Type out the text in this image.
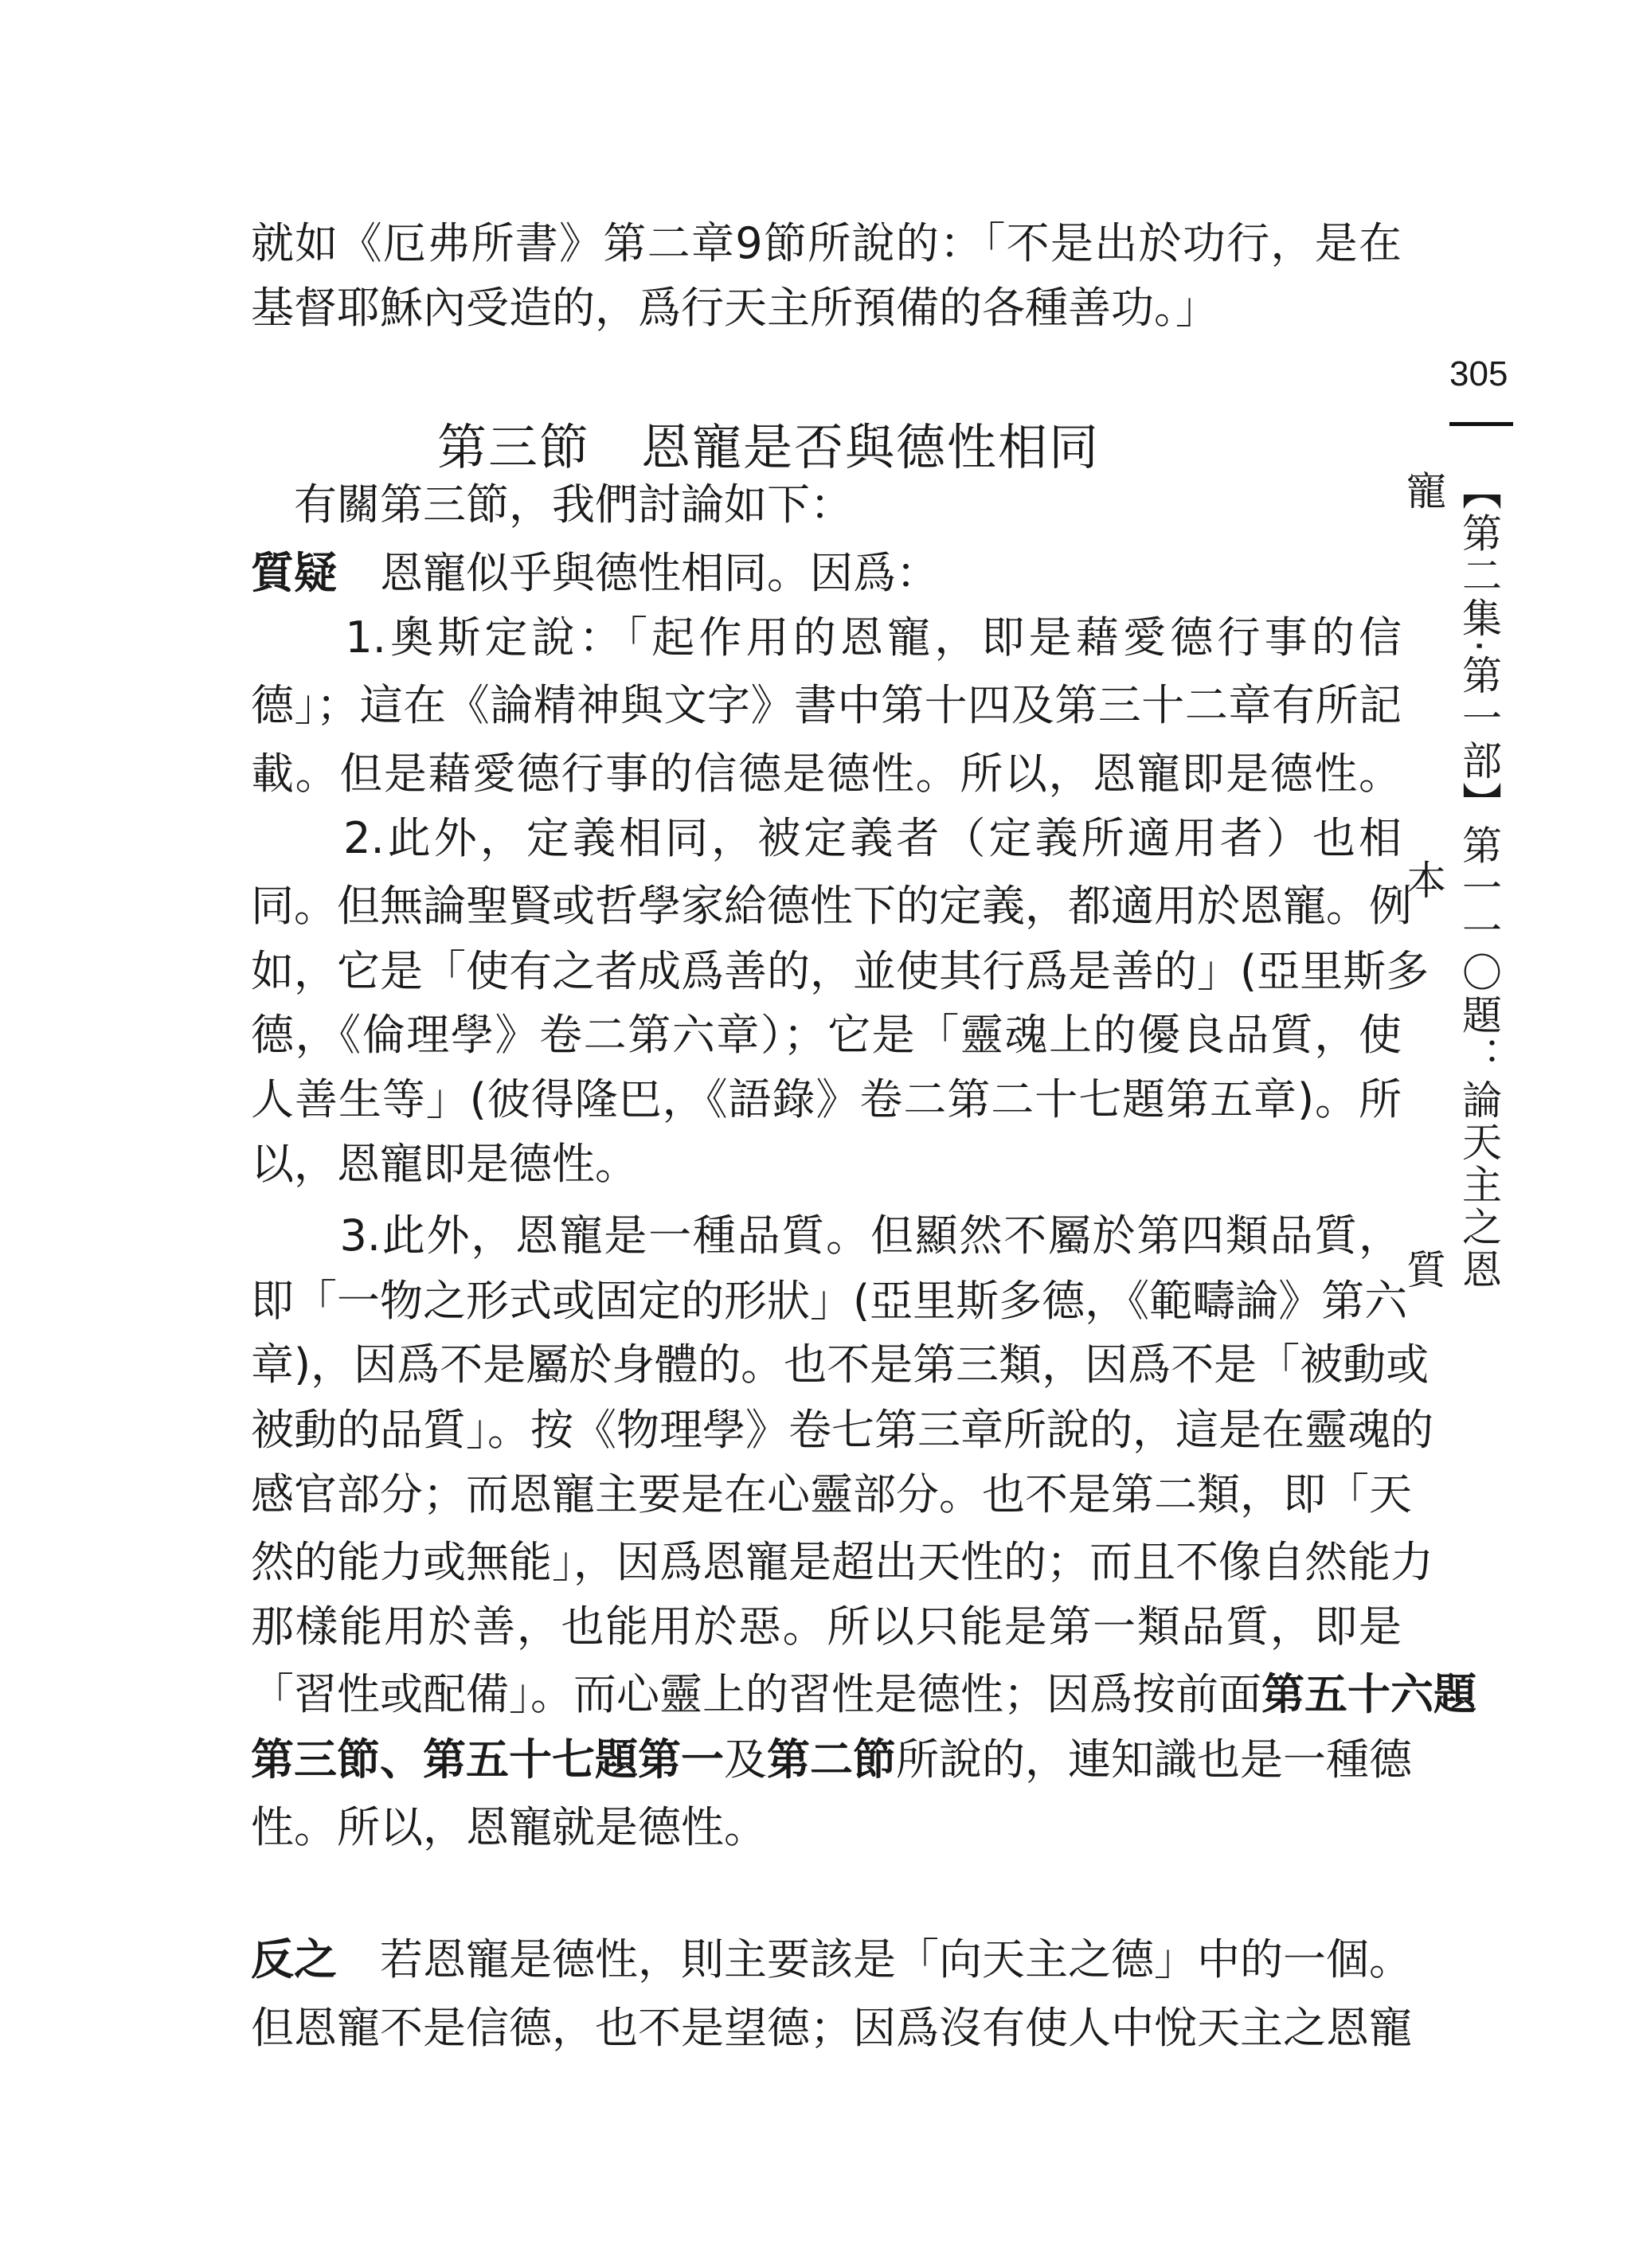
305
【第二集·第一部】第一一〇題：論天主之恩寵本質
第三節　恩寵是否與德性相同
就如《厄弗所書》第二章9節所說的：「不是出於功行，是在
基督耶穌內受造的，爲行天主所預備的各種善功。」
　有關第三節，我們討論如下：
質疑　恩寵似乎與德性相同。因爲：
　　1.奧斯定說：「起作用的恩寵，即是藉愛德行事的信
德」；這在《論精神與文字》書中第十四及第三十二章有所記
載。但是藉愛德行事的信德是德性。所以，恩寵即是德性。
　　2.此外，定義相同，被定義者（定義所適用者）也相
同。但無論聖賢或哲學家給德性下的定義，都適用於恩寵。例
如，它是「使有之者成爲善的，並使其行爲是善的」(亞里斯多
德，《倫理學》卷二第六章）；它是「靈魂上的優良品質，使
人善生等」(彼得隆巴，《語錄》卷二第二十七題第五章)。所
以，恩寵即是德性。
　　3.此外，恩寵是一種品質。但顯然不屬於第四類品質，
即「一物之形式或固定的形狀」(亞里斯多德，《範疇論》第六
章)，因爲不是屬於身體的。也不是第三類，因爲不是「被動或
被動的品質」。按《物理學》卷七第三章所說的，這是在靈魂的
感官部分；而恩寵主要是在心靈部分。也不是第二類，即「天
然的能力或無能」，因爲恩寵是超出天性的；而且不像自然能力
那樣能用於善，也能用於惡。所以只能是第一類品質，即是
「習性或配備」。而心靈上的習性是德性；因爲按前面第五十六題
第三節、第五十七題第一及第二節所說的，連知識也是一種德
性。所以，恩寵就是德性。
反之　若恩寵是德性，則主要該是「向天主之德」中的一個。
但恩寵不是信德，也不是望德；因爲沒有使人中悅天主之恩寵
